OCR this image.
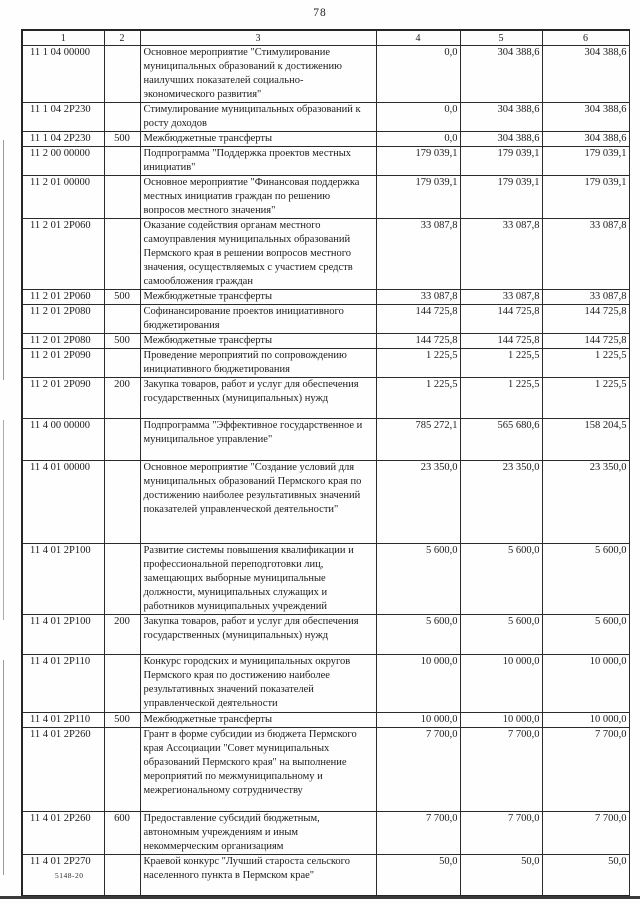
78
1	2	3	4	5	6
11 1 04 00000		Основное мероприятие "Стимулирование муниципальных образований к достижению наилучших показателей социально-экономического развития"	0,0	304 388,6	304 388,6
11 1 04 2Р230		Стимулирование муниципальных образований к росту доходов	0,0	304 388,6	304 388,6
11 1 04 2Р230	500	Межбюджетные трансферты	0,0	304 388,6	304 388,6
11 2 00 00000		Подпрограмма "Поддержка проектов местных инициатив"	179 039,1	179 039,1	179 039,1
11 2 01 00000		Основное мероприятие "Финансовая поддержка местных инициатив граждан по решению вопросов местного значения"	179 039,1	179 039,1	179 039,1
11 2 01 2Р060		Оказание содействия органам местного самоуправления муниципальных образований Пермского края в решении вопросов местного значения, осуществляемых с участием средств самообложения граждан	33 087,8	33 087,8	33 087,8
11 2 01 2Р060	500	Межбюджетные трансферты	33 087,8	33 087,8	33 087,8
11 2 01 2Р080		Софинансирование проектов инициативного бюджетирования	144 725,8	144 725,8	144 725,8
11 2 01 2Р080	500	Межбюджетные трансферты	144 725,8	144 725,8	144 725,8
11 2 01 2Р090		Проведение мероприятий по сопровождению инициативного бюджетирования	1 225,5	1 225,5	1 225,5
11 2 01 2Р090	200	Закупка товаров, работ и услуг для обеспечения государственных (муниципальных) нужд	1 225,5	1 225,5	1 225,5
11 4 00 00000		Подпрограмма "Эффективное государственное и муниципальное управление"	785 272,1	565 680,6	158 204,5
11 4 01 00000		Основное мероприятие "Создание условий для муниципальных образований Пермского края по достижению наиболее результативных значений показателей управленческой деятельности"	23 350,0	23 350,0	23 350,0
11 4 01 2Р100		Развитие системы повышения квалификации и профессиональной переподготовки лиц, замещающих выборные муниципальные должности, муниципальных служащих и работников муниципальных учреждений	5 600,0	5 600,0	5 600,0
11 4 01 2Р100	200	Закупка товаров, работ и услуг для обеспечения государственных (муниципальных) нужд	5 600,0	5 600,0	5 600,0
11 4 01 2Р110		Конкурс городских и муниципальных округов Пермского края по достижению наиболее результативных значений показателей управленческой деятельности	10 000,0	10 000,0	10 000,0
11 4 01 2Р110	500	Межбюджетные трансферты	10 000,0	10 000,0	10 000,0
11 4 01 2Р260		Грант в форме субсидии из бюджета Пермского края Ассоциации "Совет муниципальных образований Пермского края" на выполнение мероприятий по межмуниципальному и межрегиональному сотрудничеству	7 700,0	7 700,0	7 700,0
11 4 01 2Р260	600	Предоставление субсидий бюджетным, автономным учреждениям и иным некоммерческим организациям	7 700,0	7 700,0	7 700,0
11 4 01 2Р270		Краевой конкурс "Лучший староста сельского населенного пункта в Пермском крае"	50,0	50,0	50,0
5148-20
